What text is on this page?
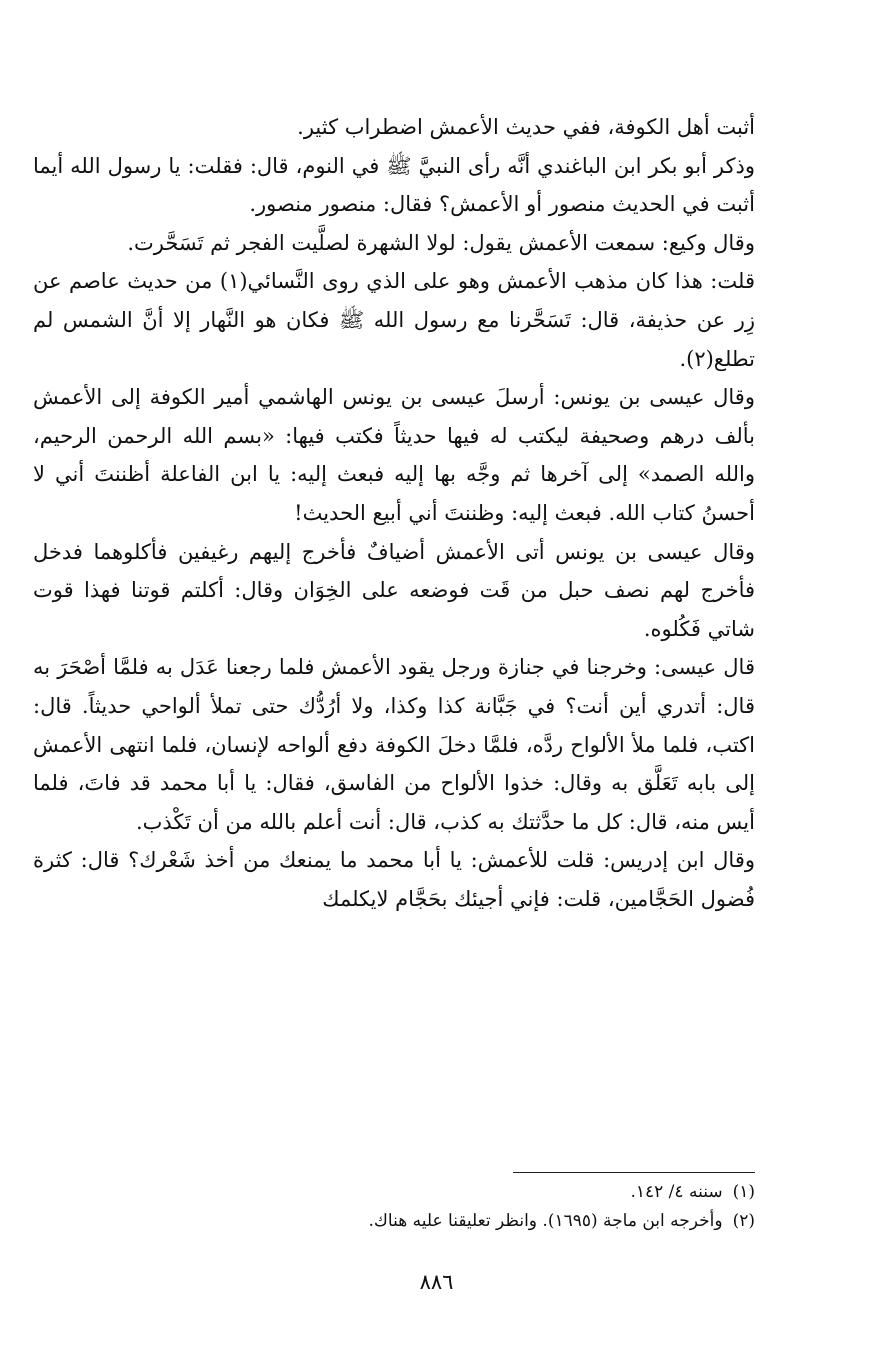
أثبت أهل الكوفة، ففي حديث الأعمش اضطراب كثير.

وذكر أبو بكر ابن الباغندي أنَّه رأى النبيَّ ﷺ في النوم، قال: فقلت: يا رسول الله أيما أثبت في الحديث منصور أو الأعمش؟ فقال: منصور منصور.

وقال وكيع: سمعت الأعمش يقول: لولا الشهرة لصلَّيت الفجر ثم تَسَحَّرت.

قلت: هذا كان مذهب الأعمش وهو على الذي روى النَّسائي(١) من حديث عاصم عن زِر عن حذيفة، قال: تَسَحَّرنا مع رسول الله ﷺ فكان هو النَّهار إلا أنَّ الشمس لم تطلع(٢).

وقال عيسى بن يونس: أرسلَ عيسى بن يونس الهاشمي أمير الكوفة إلى الأعمش بألف درهم وصحيفة ليكتب له فيها حديثاً فكتب فيها: «بسم الله الرحمن الرحيم، والله الصمد» إلى آخرها ثم وجَّه بها إليه فبعث إليه: يا ابن الفاعلة أظننتَ أني لا أحسنُ كتاب الله. فبعث إليه: وظننتَ أني أبيع الحديث!

وقال عيسى بن يونس أتى الأعمش أضيافٌ فأخرج إليهم رغيفين فأكلوهما فدخل فأخرج لهم نصف حبل من قَت فوضعه على الخِوَان وقال: أكلتم قوتنا فهذا قوت شاتي فَكُلوه.

قال عيسى: وخرجنا في جنازة ورجل يقود الأعمش فلما رجعنا عَدَل به فلمَّا أصْحَرَ به قال: أتدري أين أنت؟ في جَبَّانة كذا وكذا، ولا أرُدُّك حتى تملأ ألواحي حديثاً. قال: اكتب، فلما ملأ الألواح ردَّه، فلمَّا دخلَ الكوفة دفع ألواحه لإنسان، فلما انتهى الأعمش إلى بابه تَعَلَّق به وقال: خذوا الألواح من الفاسق، فقال: يا أبا محمد قد فاتَ، فلما أيس منه، قال: كل ما حدَّثتك به كذب، قال: أنت أعلم بالله من أن تَكْذب.

وقال ابن إدريس: قلت للأعمش: يا أبا محمد ما يمنعك من أخذ شَعْرك؟ قال: كثرة فُضول الحَجَّامين، قلت: فإني أجيئك بحَجَّام لايكلمك

(١)
سننه ٤/ ١٤٢.
(٢)
وأخرجه ابن ماجة (١٦٩٥). وانظر تعليقنا عليه هناك.
٨٨٦
